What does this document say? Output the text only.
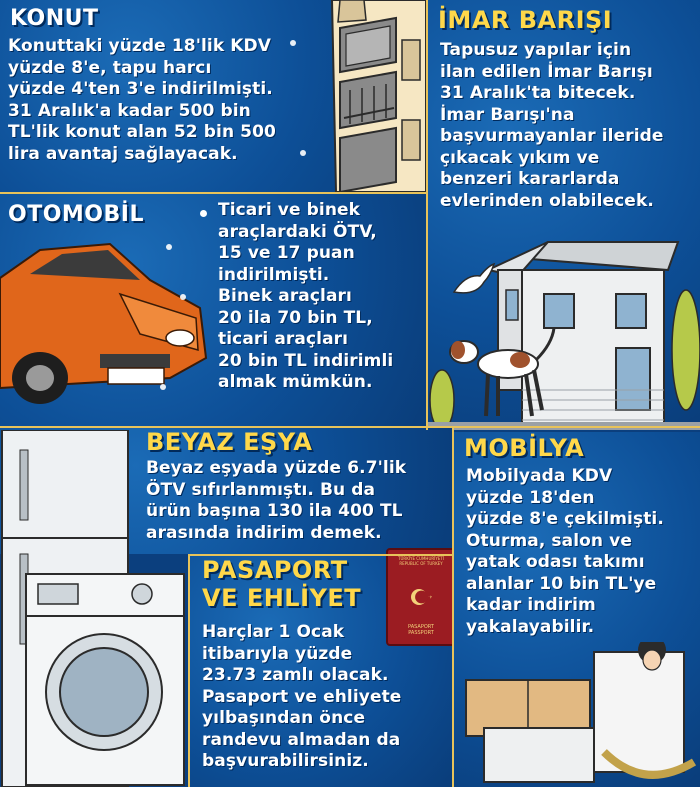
KONUT
Konuttaki yüzde 18'lik KDV
yüzde 8'e, tapu harcı
yüzde 4'ten 3'e indirilmişti.
31 Aralık'a kadar 500 bin
TL'lik konut alan 52 bin 500
lira avantaj sağlayacak.
İMAR BARIŞI
Tapusuz yapılar için
ilan edilen İmar Barışı
31 Aralık'ta bitecek.
İmar Barışı'na
başvurmayanlar ileride
çıkacak yıkım ve
benzeri kararlarda
evlerinden olabilecek.
OTOMOBİL	Ticari ve binek
araçlardaki ÖTV,
15 ve 17 puan
indirilmişti.
Binek araçları
20 ila 70 bin TL,
ticari araçları
20 bin TL indirimli
almak mümkün.
BEYAZ EŞYA
Beyaz eşyada yüzde 6.7'lik
ÖTV sıfırlanmıştı. Bu da
ürün başına 130 ila 400 TL
arasında indirim demek.
PASAPORT
VE EHLİYET
Harçlar 1 Ocak
itibarıyla yüzde
23.73 zamlı olacak.
Pasaport ve ehliyete
yılbaşından önce
randevu almadan da
başvurabilirsiniz.
TÜRKİYE CUMHURİYETİ
REPUBLIC OF TURKEY
PASAPORT
PASSPORT
MOBİLYA
Mobilyada KDV
yüzde 18'den
yüzde 8'e çekilmişti.
Oturma, salon ve
yatak odası takımı
alanlar 10 bin TL'ye
kadar indirim
yakalayabilir.
